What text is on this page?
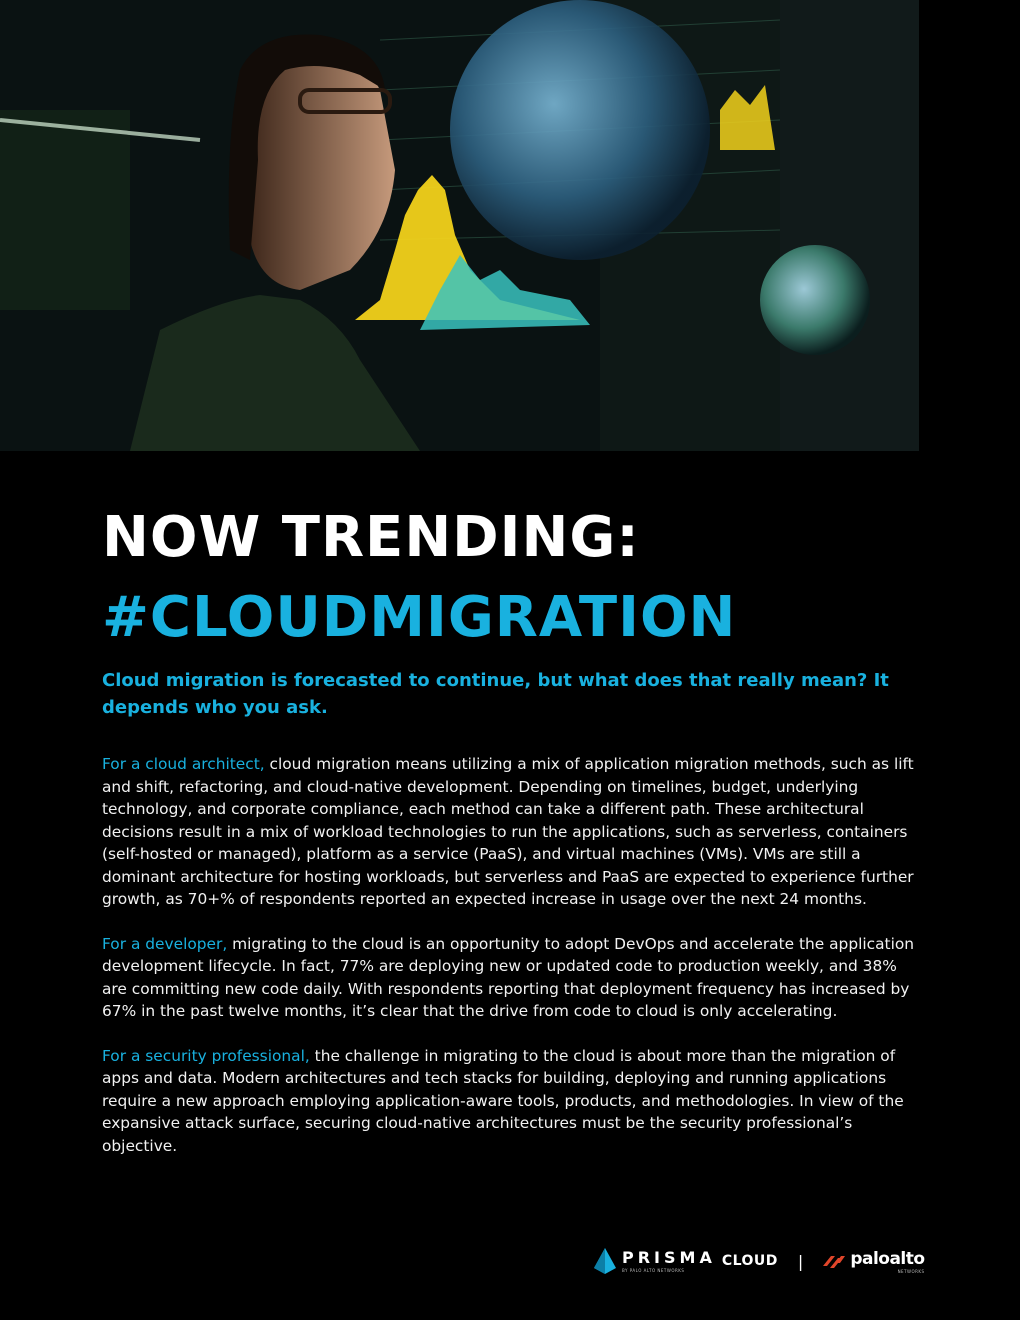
NOW TRENDING:
#CLOUDMIGRATION

Cloud migration is forecasted to continue, but what does that really mean? It depends who you ask.

For a cloud architect, cloud migration means utilizing a mix of application migration methods, such as lift and shift, refactoring, and cloud-native development. Depending on timelines, budget, underlying technology, and corporate compliance, each method can take a different path. These architectural decisions result in a mix of workload technologies to run the applications, such as serverless, containers (self-hosted or managed), platform as a service (PaaS), and virtual machines (VMs). VMs are still a dominant architecture for hosting workloads, but serverless and PaaS are expected to experience further growth, as 70+% of respondents reported an expected increase in usage over the next 24 months.

For a developer, migrating to the cloud is an opportunity to adopt DevOps and accelerate the application development lifecycle. In fact, 77% are deploying new or updated code to production weekly, and 38% are committing new code daily. With respondents reporting that deployment frequency has increased by 67% in the past twelve months, it’s clear that the drive from code to cloud is only accelerating.

For a security professional, the challenge in migrating to the cloud is about more than the migration of apps and data. Modern architectures and tech stacks for building, deploying and running applications require a new approach employing application-aware tools, products, and methodologies. In view of the expansive attack surface, securing cloud-native architectures must be the security professional’s objective.

PRISMA
BY PALO ALTO NETWORKS
CLOUD |	paloalto
NETWORKS
